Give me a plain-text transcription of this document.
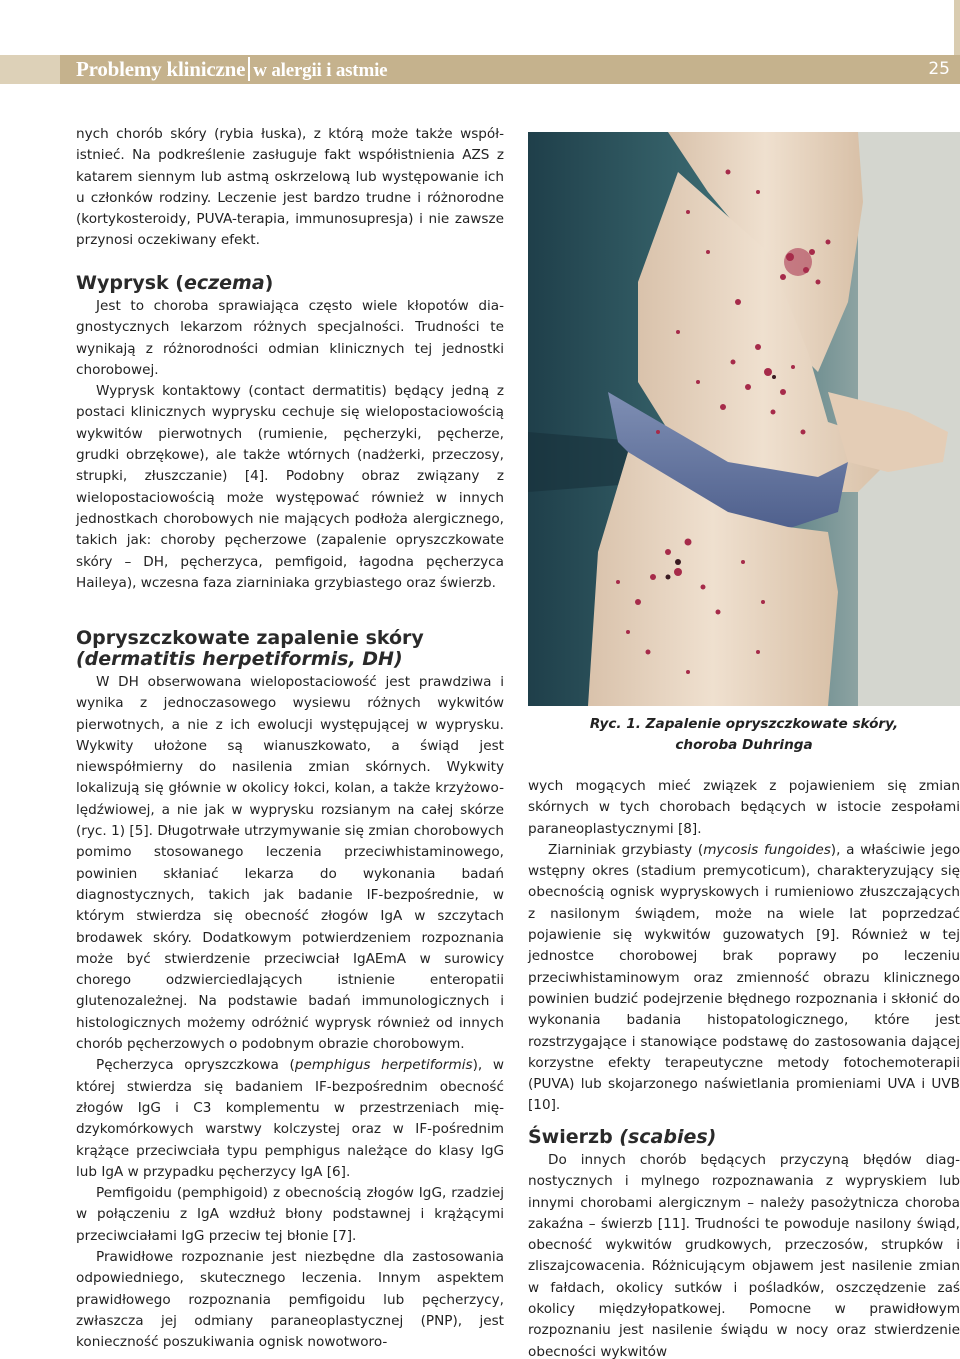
Problemy kliniczne w alergii i astmie	25

nych chorób skóry (rybia łuska), z którą może także współistnieć. Na podkreślenie zasługuje fakt współistnienia AZS z katarem siennym lub astmą oskrzelową lub występowanie ich u członków rodziny. Leczenie jest bardzo trudne i różnorodne (kortykosteroidy, PUVA-terapia, immunosupresja) i nie zawsze przynosi oczekiwany efekt.

Wyprysk (eczema)

Jest to choroba sprawiająca często wiele kłopotów diagnostycznych lekarzom różnych specjalności. Trudności te wynikają z różnorodności odmian klinicznych tej jednostki chorobowej.

Wyprysk kontaktowy (contact dermatitis) będący jedną z postaci klinicznych wyprysku cechuje się wielopostaciowością wykwitów pierwotnych (rumienie, pęcherzyki, pęcherze, grudki obrzękowe), ale także wtórnych (nadżerki, przeczosy, strupki, złuszczanie) [4]. Podobny obraz związany z wielopostaciowością może występować również w innych jednostkach chorobowych nie mających podłoża alergicznego, takich jak: choroby pęcherzowe (zapalenie opryszczkowate skóry – DH, pęcherzyca, pemfigoid, łagodna pęcherzyca Haileya), wczesna faza ziarniniaka grzybiastego oraz świerzb.

Opryszczkowate zapalenie skóry
(dermatitis herpetiformis, DH)

W DH obserwowana wielopostaciowość jest prawdziwa i wynika z jednoczasowego wysiewu różnych wykwitów pierwotnych, a nie z ich ewolucji występującej w wyprysku. Wykwity ułożone są wianuszkowato, a świąd jest niewspółmierny do nasilenia zmian skórnych. Wykwity lokalizują się głównie w okolicy łokci, kolan, a także krzyżowo-lędźwiowej, a nie jak w wyprysku rozsianym na całej skórze (ryc. 1) [5]. Długotrwałe utrzymywanie się zmian chorobowych pomimo stosowanego leczenia przeciwhistaminowego, powinien skłaniać lekarza do wykonania badań diagnostycznych, takich jak badanie IF-bezpośrednie, w którym stwierdza się obecność złogów IgA w szczytach brodawek skóry. Dodatkowym potwierdzeniem rozpoznania może być stwierdzenie przeciwciał IgAEmA w surowicy chorego odzwierciedlających istnienie enteropatii glutenozależnej. Na podstawie badań immunologicznych i histologicznych możemy odróżnić wyprysk również od innych chorób pęcherzowych o podobnym obrazie chorobowym.

Pęcherzyca opryszczkowa (pemphigus herpetiformis), w której stwierdza się badaniem IF-bezpośrednim obecność złogów IgG i C3 komplementu w przestrzeniach międzykomórkowych warstwy kolczystej oraz w IF-pośrednim krążące przeciwciała typu pemphigus należące do klasy IgG lub IgA w przypadku pęcherzycy IgA [6].

Pemfigoidu (pemphigoid) z obecnością złogów IgG, rzadziej w połączeniu z IgA wzdłuż błony podstawnej i krążącymi przeciwciałami IgG przeciw tej błonie [7].

Prawidłowe rozpoznanie jest niezbędne dla zastosowania odpowiedniego, skutecznego leczenia. Innym aspektem prawidłowego rozpoznania pemfigoidu lub pęcherzycy, zwłaszcza jej odmiany paraneoplastycznej (PNP), jest konieczność poszukiwania ognisk nowotworo-

Ryc. 1. Zapalenie opryszczkowate skóry,
choroba Duhringa

wych mogących mieć związek z pojawieniem się zmian skórnych w tych chorobach będących w istocie zespołami paraneoplastycznymi [8].

Ziarniniak grzybiasty (mycosis fungoides), a właściwie jego wstępny okres (stadium premycoticum), charakteryzujący się obecnością ognisk wypryskowych i rumieniowo złuszczających z nasilonym świądem, może na wiele lat poprzedzać pojawienie się wykwitów guzowatych [9]. Również w tej jednostce chorobowej brak poprawy po leczeniu przeciwhistaminowym oraz zmienność obrazu klinicznego powinien budzić podejrzenie błędnego rozpoznania i skłonić do wykonania badania histopatologicznego, które jest rozstrzygające i stanowiące podstawę do zastosowania dającej korzystne efekty terapeutyczne metody fotochemoterapii (PUVA) lub skojarzonego naświetlania promieniami UVA i UVB [10].

Świerzb (scabies)

Do innych chorób będących przyczyną błędów diagnostycznych i mylnego rozpoznawania z wypryskiem lub innymi chorobami alergicznym – należy pasożytnicza choroba zakaźna – świerzb [11]. Trudności te powoduje nasilony świąd, obecność wykwitów grudkowych, przeczosów, strupków i zliszajcowacenia. Różnicującym objawem jest nasilenie zmian w fałdach, okolicy sutków i pośladków, oszczędzenie zaś okolicy międzyłopatkowej. Pomocne w prawidłowym rozpoznaniu jest nasilenie świądu w nocy oraz stwierdzenie obecności wykwitów
